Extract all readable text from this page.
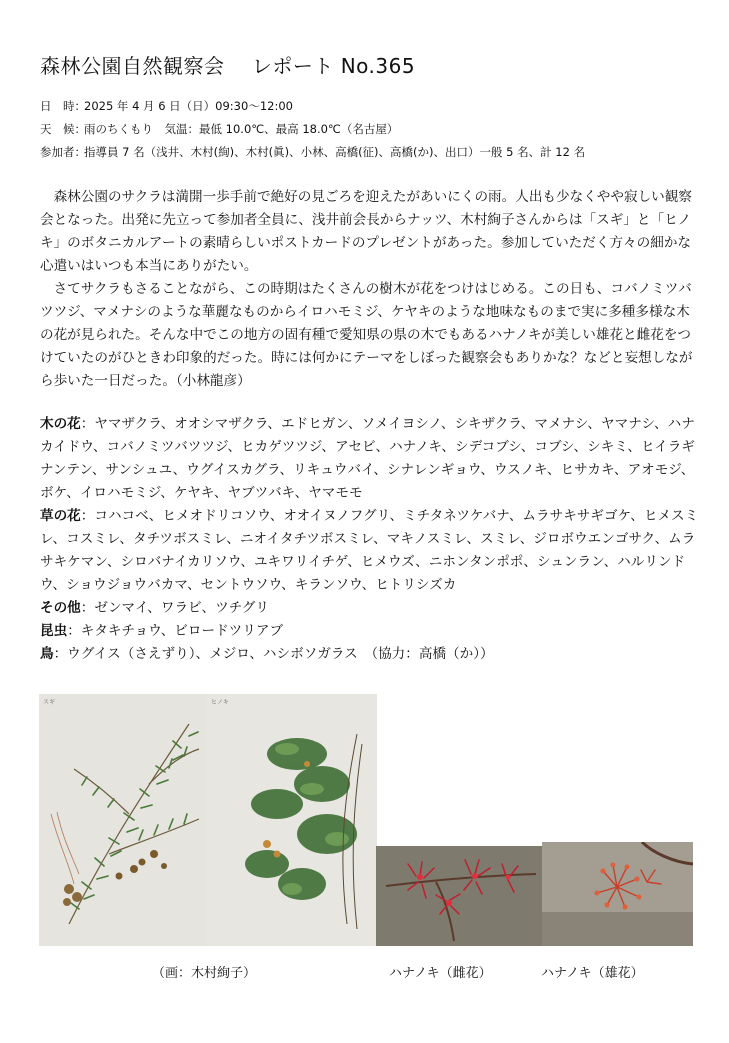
森林公園自然観察会　 レポート No.365
日　時：2025 年 4 月 6 日（日）09:30〜12:00
天　候：雨のちくもり　気温：最低 10.0℃、最高 18.0℃（名古屋）
参加者：指導員 7 名（浅井、木村(絢)、木村(眞)、小林、高橋(征)、高橋(か)、出口）一般 5 名、計 12 名

森林公園のサクラは満開一歩手前で絶好の見ごろを迎えたがあいにくの雨。人出も少なくやや寂しい観察会となった。出発に先立って参加者全員に、浅井前会長からナッツ、木村絢子さんからは「スギ」と「ヒノキ」のボタニカルアートの素晴らしいポストカードのプレゼントがあった。参加していただく方々の細かな心遣いはいつも本当にありがたい。

さてサクラもさることながら、この時期はたくさんの樹木が花をつけはじめる。この日も、コバノミツバツツジ、マメナシのような華麗なものからイロハモミジ、ケヤキのような地味なものまで実に多種多様な木の花が見られた。そんな中でこの地方の固有種で愛知県の県の木でもあるハナノキが美しい雄花と雌花をつけていたのがひときわ印象的だった。時には何かにテーマをしぼった観察会もありかな？などと妄想しながら歩いた一日だった。（小林龍彦）

木の花：ヤマザクラ、オオシマザクラ、エドヒガン、ソメイヨシノ、シキザクラ、マメナシ、ヤマナシ、ハナカイドウ、コバノミツバツツジ、ヒカゲツツジ、アセビ、ハナノキ、シデコブシ、コブシ、シキミ、ヒイラギナンテン、サンシュユ、ウグイスカグラ、リキュウバイ、シナレンギョウ、ウスノキ、ヒサカキ、アオモジ、ボケ、イロハモミジ、ケヤキ、ヤブツバキ、ヤマモモ
草の花：コハコベ、ヒメオドリコソウ、オオイヌノフグリ、ミチタネツケバナ、ムラサキサギゴケ、ヒメスミレ、コスミレ、タチツボスミレ、ニオイタチツボスミレ、マキノスミレ、スミレ、ジロボウエンゴサク、ムラサキケマン、シロバナイカリソウ、ユキワリイチゲ、ヒメウズ、ニホンタンポポ、シュンラン、ハルリンドウ、ショウジョウバカマ、セントウソウ、キランソウ、ヒトリシズカ
その他：ゼンマイ、ワラビ、ツチグリ
昆虫：キタキチョウ、ビロードツリアブ
鳥：ウグイス（さえずり）、メジロ、ハシボソガラス　（協力：高橋（か））
スギ	ヒノキ
（画：木村絢子）	ハナノキ（雌花）	ハナノキ（雄花）
